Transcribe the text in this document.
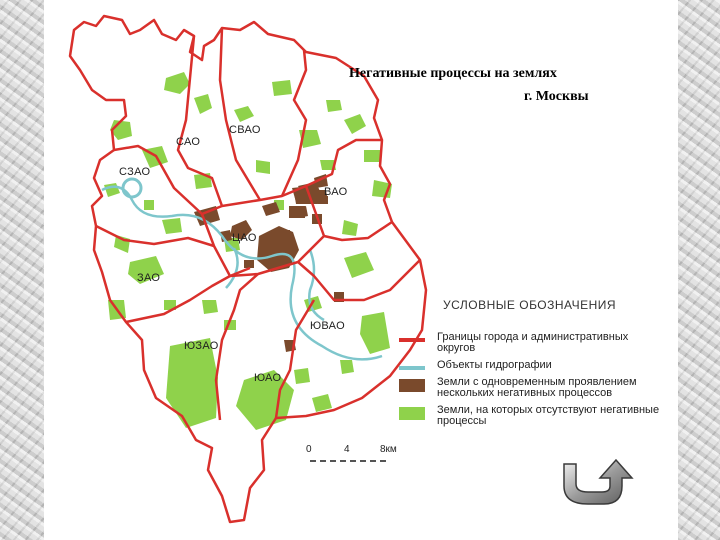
Негативные процессы на землях
г. Москвы
САО
СВАО
СЗАО
ВАО
ЦАО
ЗАО
ЮВАО
ЮЗАО
ЮАО
УСЛОВНЫЕ ОБОЗНАЧЕНИЯ
Границы города и административных округов
Объекты гидрографии
Земли с одновременным проявлением нескольких негативных процессов
Земли, на которых отсутствуют негативные процессы
0	4	8км
